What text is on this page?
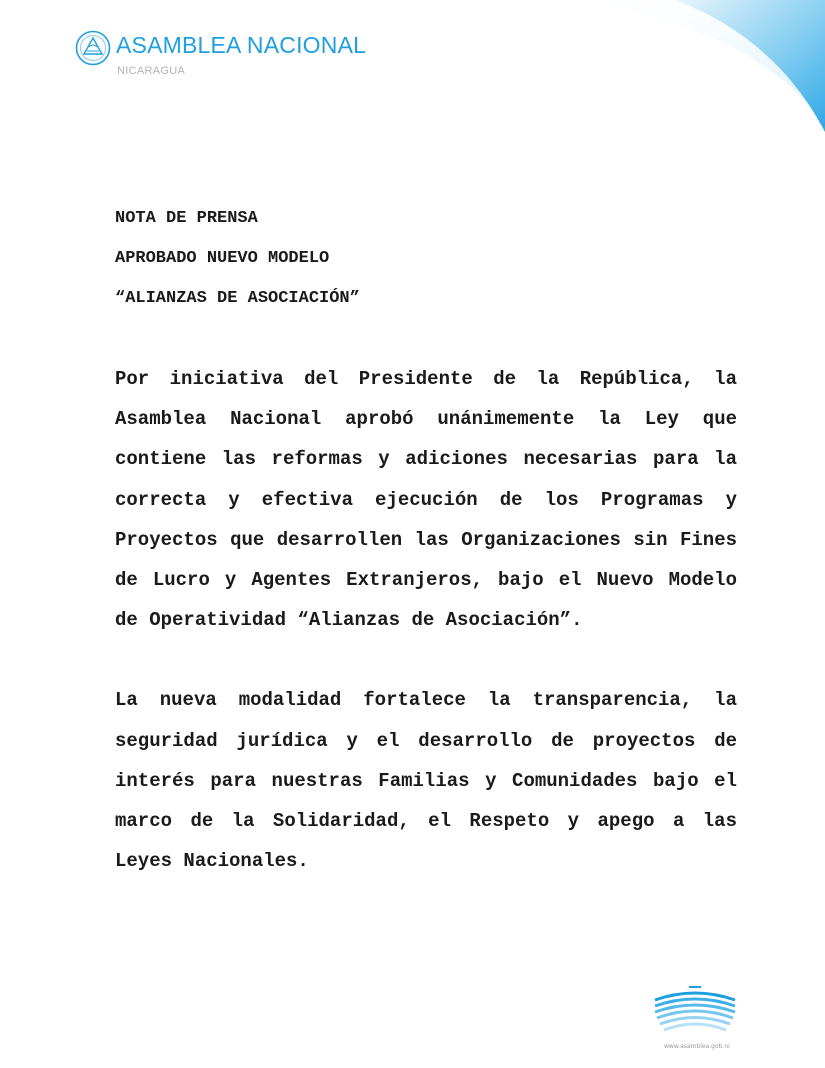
ASAMBLEA NACIONAL
NICARAGUA
NOTA DE PRENSA
APROBADO NUEVO MODELO
“ALIANZAS DE ASOCIACIÓN”
Por iniciativa del Presidente de la República, la Asamblea Nacional aprobó unánimemente la Ley que contiene las reformas y adiciones necesarias para la correcta y efectiva ejecución de los Programas y Proyectos que desarrollen las Organizaciones sin Fines de Lucro y Agentes Extranjeros, bajo el Nuevo Modelo de Operatividad “Alianzas de Asociación”.
La nueva modalidad fortalece la transparencia, la seguridad jurídica y el desarrollo de proyectos de interés para nuestras Familias y Comunidades bajo el marco de la Solidaridad, el Respeto y apego a las Leyes Nacionales.
www.asamblea.gob.ni
